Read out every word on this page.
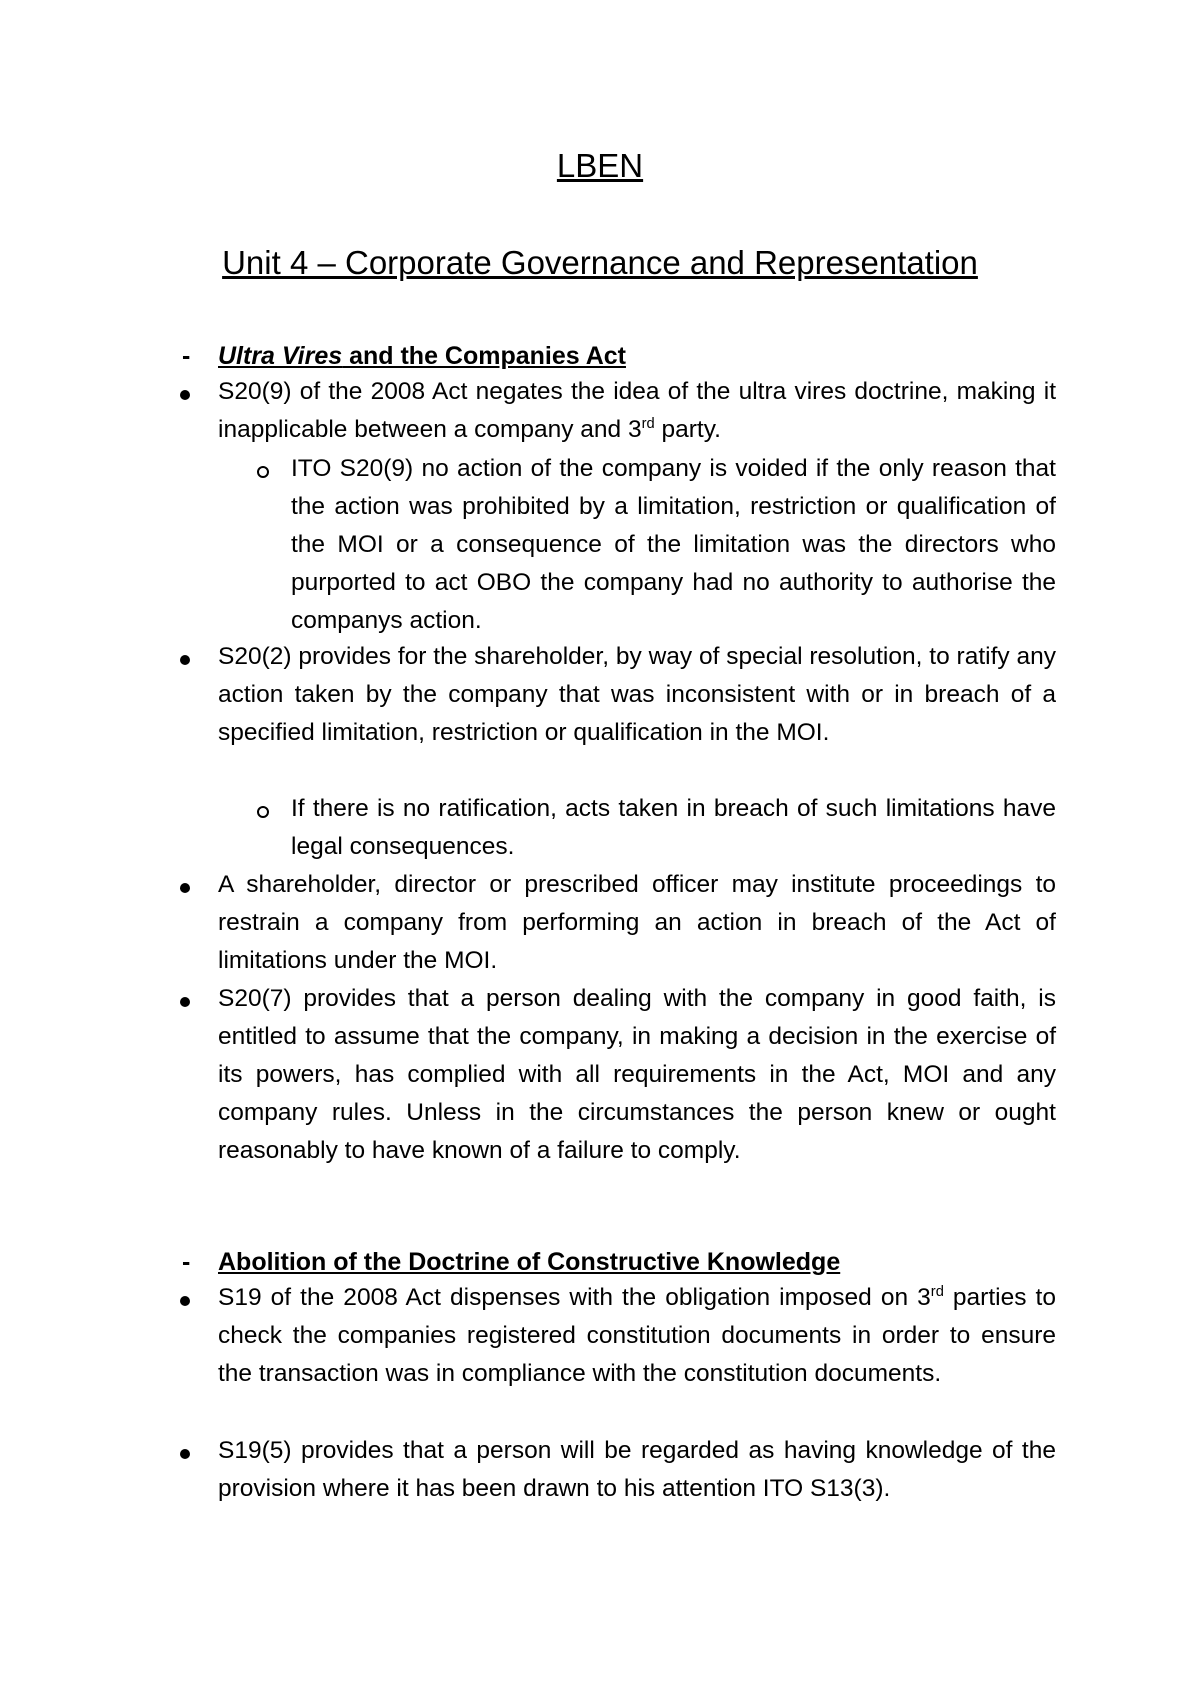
LBEN
Unit 4 – Corporate Governance and Representation
- Ultra Vires and the Companies Act
S20(9) of the 2008 Act negates the idea of the ultra vires doctrine, making it inapplicable between a company and 3rd party.
ITO S20(9) no action of the company is voided if the only reason that the action was prohibited by a limitation, restriction or qualification of the MOI or a consequence of the limitation was the directors who purported to act OBO the company had no authority to authorise the companys action.
S20(2) provides for the shareholder, by way of special resolution, to ratify any action taken by the company that was inconsistent with or in breach of a specified limitation, restriction or qualification in the MOI.
If there is no ratification, acts taken in breach of such limitations have legal consequences.
A shareholder, director or prescribed officer may institute proceedings to restrain a company from performing an action in breach of the Act of limitations under the MOI.
S20(7) provides that a person dealing with the company in good faith, is entitled to assume that the company, in making a decision in the exercise of its powers, has complied with all requirements in the Act, MOI and any company rules. Unless in the circumstances the person knew or ought reasonably to have known of a failure to comply.
- Abolition of the Doctrine of Constructive Knowledge
S19 of the 2008 Act dispenses with the obligation imposed on 3rd parties to check the companies registered constitution documents in order to ensure the transaction was in compliance with the constitution documents.
S19(5) provides that a person will be regarded as having knowledge of the provision where it has been drawn to his attention ITO S13(3).
